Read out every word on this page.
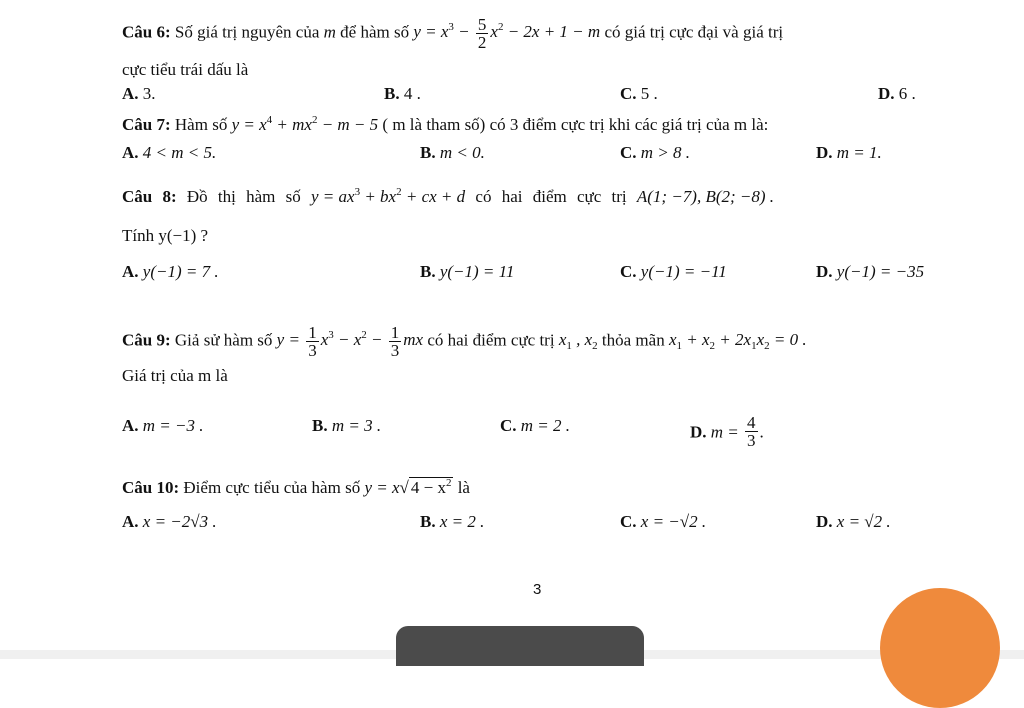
Câu 6: Số giá trị nguyên của m để hàm số $y = x^3 - \frac{5}{2} x^2 - 2x + 1 - m$ có giá trị cực đại và giá trị
cực tiểu trái dấu là
A. 3.	B. 4 .	C. 5 .	D. 6 .
Câu 7: Hàm số $y = x^4 + mx^2 - m - 5$ ( m là tham số) có 3 điểm cực trị khi các giá trị của m là:
A. 4 < m < 5.	B. m < 0.	C. m > 8 .	D. m = 1.
Câu 8: Đồ thị hàm số $y = ax^3 + bx^2$ + cx + d có hai điểm cực trị A(1; −7), B(2; −8) .
Tính y(−1) ?
A. y(−1) = 7 .	B. y(−1) = 11	C. y(−1) = −11	D. y(−1) = −35
Câu 9: Giả sử hàm số $y = \frac{1}{3} x^3 - x^2 - \frac{1}{3}$ mx có hai điểm cực trị $x_1$ , $x_2$ thỏa mãn $x_1 + x_2 + 2x_1x_2 = 0$ .
Giá trị của m là
A. m = −3 .	B. m = 3 .	C. m = 2 .	D. $m = \frac{4}{3}$ .
Câu 10: Điểm cực tiểu của hàm số y = x√ $4 - x^2$ là
A. x = −2√3 .	B. x = 2 .	C. x = −√2 .	D. x = √2 .
3
